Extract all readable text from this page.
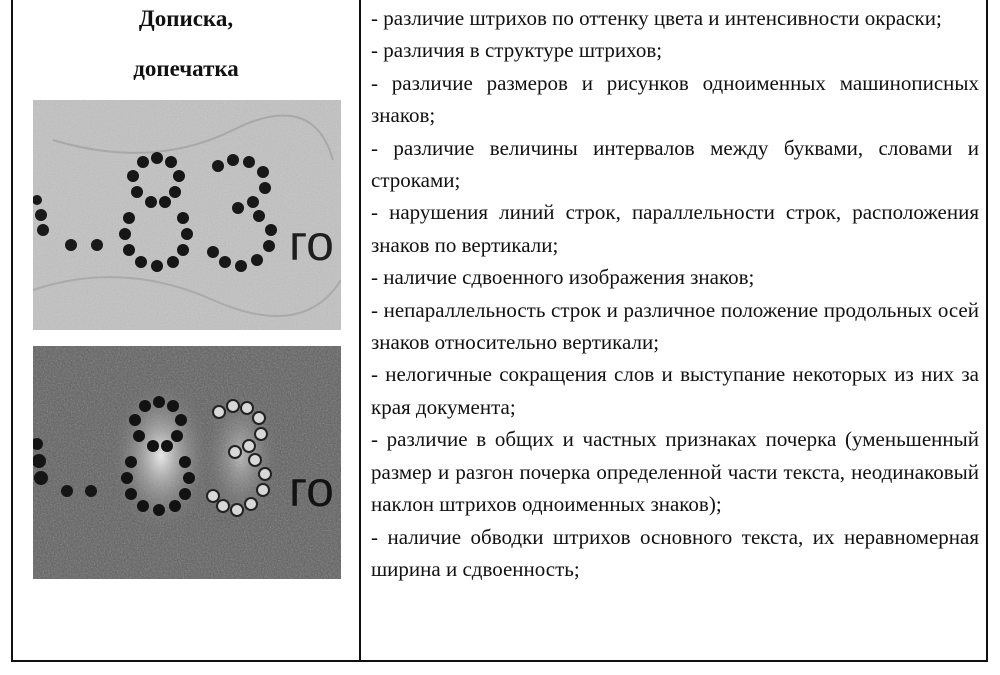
Дописка,
допечатка
го
го

- различие штрихов по оттенку цвета и интенсивности окраски;

- различия в структуре штрихов;

- различие размеров и рисунков одноименных машинописных знаков;

- различие величины интервалов между буквами, словами и строками;

- нарушения линий строк, параллельности строк, расположения знаков по вертикали;

- наличие сдвоенного изображения знаков;

- непараллельность строк и различное положение продольных осей знаков относительно вертикали;

- нелогичные сокращения слов и выступание некоторых из них за края документа;

- различие в общих и частных признаках почерка (уменьшенный размер и разгон почерка определенной части текста, неодинаковый наклон штрихов одноименных знаков);

- наличие обводки штрихов основного текста, их неравномерная ширина и сдвоенность;
